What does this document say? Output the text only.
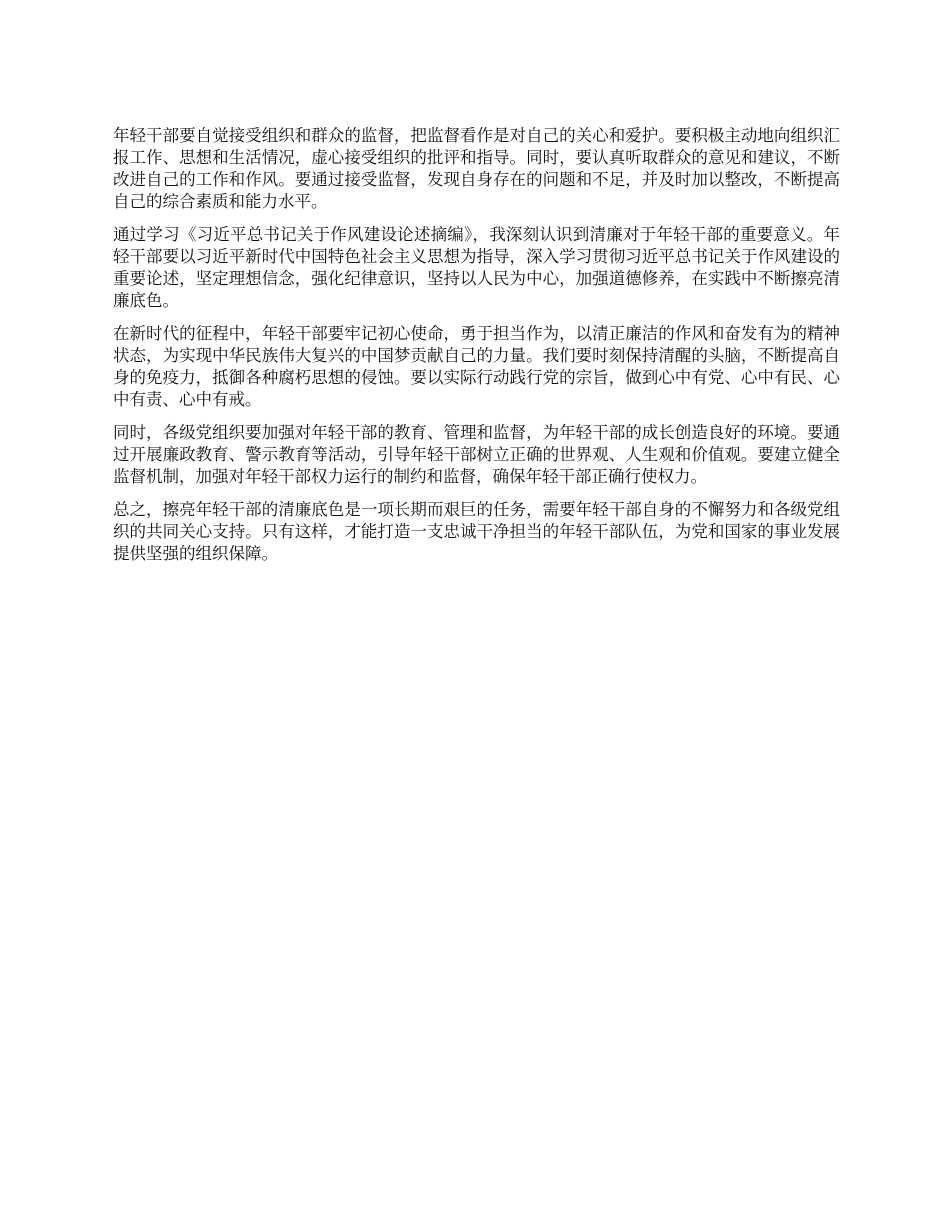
年轻干部要自觉接受组织和群众的监督，把监督看作是对自己的关心和爱护。要积极主动地向组织汇报工作、思想和生活情况，虚心接受组织的批评和指导。同时，要认真听取群众的意见和建议，不断改进自己的工作和作风。要通过接受监督，发现自身存在的问题和不足，并及时加以整改，不断提高自己的综合素质和能力水平。

通过学习《习近平总书记关于作风建设论述摘编》，我深刻认识到清廉对于年轻干部的重要意义。年轻干部要以习近平新时代中国特色社会主义思想为指导，深入学习贯彻习近平总书记关于作风建设的重要论述，坚定理想信念，强化纪律意识，坚持以人民为中心，加强道德修养，在实践中不断擦亮清廉底色。

在新时代的征程中，年轻干部要牢记初心使命，勇于担当作为，以清正廉洁的作风和奋发有为的精神状态，为实现中华民族伟大复兴的中国梦贡献自己的力量。我们要时刻保持清醒的头脑，不断提高自身的免疫力，抵御各种腐朽思想的侵蚀。要以实际行动践行党的宗旨，做到心中有党、心中有民、心中有责、心中有戒。

同时，各级党组织要加强对年轻干部的教育、管理和监督，为年轻干部的成长创造良好的环境。要通过开展廉政教育、警示教育等活动，引导年轻干部树立正确的世界观、人生观和价值观。要建立健全监督机制，加强对年轻干部权力运行的制约和监督，确保年轻干部正确行使权力。

总之，擦亮年轻干部的清廉底色是一项长期而艰巨的任务，需要年轻干部自身的不懈努力和各级党组织的共同关心支持。只有这样，才能打造一支忠诚干净担当的年轻干部队伍，为党和国家的事业发展提供坚强的组织保障。
